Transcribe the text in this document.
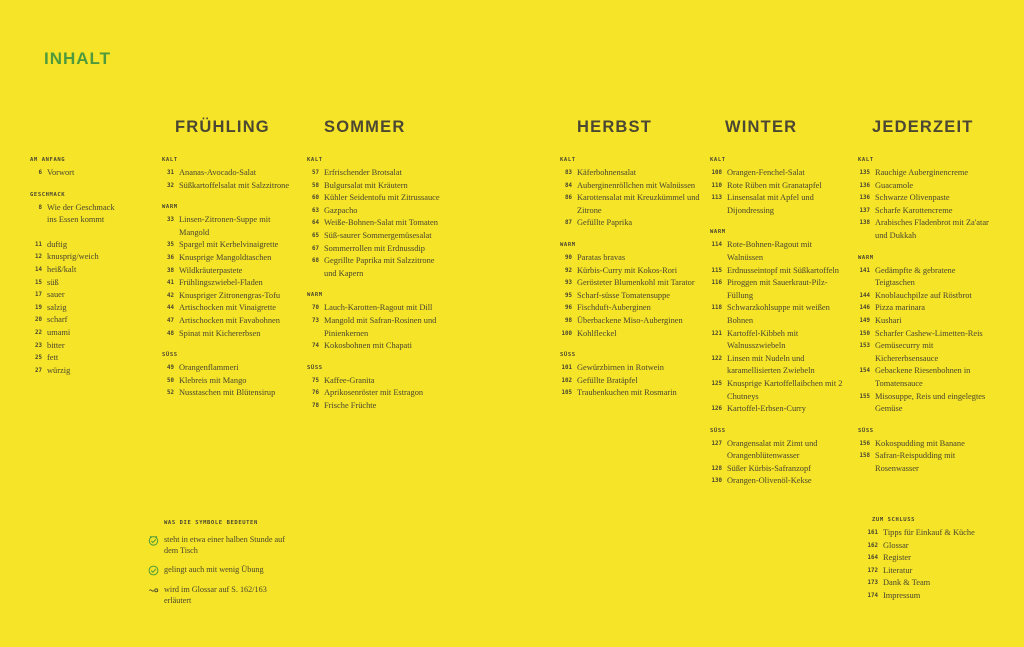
INHALT
AM ANFANG
6 Vorwort
GESCHMACK
8 Wie der Geschmack ins Essen kommt
11 duftig
12 knusprig/weich
14 heiß/kalt
15 süß
17 sauer
19 salzig
20 scharf
22 umami
23 bitter
25 fett
27 würzig
FRÜHLING
KALT
31 Ananas-Avocado-Salat
32 Süßkartoffelsalat mit Salzzitrone
WARM
33 Linsen-Zitronen-Suppe mit Mangold
35 Spargel mit Kerbelvinaigrette
36 Knusprige Mangoldtaschen
38 Wildkräuterpastete
41 Frühlingszwiebel-Fladen
42 Knuspriger Zitronengras-Tofu
44 Artischocken mit Vinaigrette
47 Artischocken mit Favabohnen
48 Spinat mit Kichererbsen
SÜSS
49 Orangenflammeri
50 Klebreis mit Mango
52 Nusstaschen mit Blütensirup
SOMMER
KALT
57 Erfrischender Brotsalat
58 Bulgursalat mit Kräutern
60 Kühler Seidentofu mit Zitrussauce
63 Gazpacho
64 Weiße-Bohnen-Salat mit Tomaten
65 Süß-saurer Sommergemüsesalat
67 Sommerrollen mit Erdnussdip
68 Gegrillte Paprika mit Salzzitrone und Kapern
WARM
70 Lauch-Karotten-Ragout mit Dill
73 Mangold mit Safran-Rosinen und Pinienkernen
74 Kokosbohnen mit Chapati
SÜSS
75 Kaffee-Granita
76 Aprikosenröster mit Estragon
78 Frische Früchte
HERBST
KALT
83 Käferbohnensalat
84 Auberginenröllchen mit Walnüssen
86 Karottensalat mit Kreuzkümmel und Zitrone
87 Gefüllte Paprika
WARM
90 Paratas bravas
92 Kürbis-Curry mit Kokos-Rori
93 Gerösteter Blumenkohl mit Tarator
95 Scharf-süsse Tomatensuppe
96 Fischduft-Auberginen
98 Überbackene Miso-Auberginen
100 Kohlfleckel
SÜSS
101 Gewürzbirnen in Rotwein
102 Gefüllte Bratäpfel
105 Traubenkuchen mit Rosmarin
WINTER
KALT
108 Orangen-Fenchel-Salat
110 Rote Rüben mit Granatapfel
113 Linsensalat mit Apfel und Dijondressing
WARM
114 Rote-Bohnen-Ragout mit Walnüssen
115 Erdnusseintopf mit Süßkartoffeln
116 Piroggen mit Sauerkraut-Pilz-Füllung
118 Schwarzkohlsuppe mit weißen Bohnen
121 Kartoffel-Kibbeh mit Walnusszwiebeln
122 Linsen mit Nudeln und karamellisierten Zwiebeln
125 Knusprige Kartoffellaibchen mit 2 Chutneys
126 Kartoffel-Erbsen-Curry
SÜSS
127 Orangensalat mit Zimt und Orangenblütenwasser
128 Süßer Kürbis-Safranzopf
130 Orangen-Olivenöl-Kekse
JEDERZEIT
KALT
135 Rauchige Auberginencreme
136 Guacamole
136 Schwarze Olivenpaste
137 Scharfe Karottencreme
138 Arabisches Fladenbrot mit Za'atar und Dukkah
WARM
141 Gedämpfte & gebratene Teigtaschen
144 Knoblauchpilze auf Röstbrot
146 Pizza marinara
149 Kushari
150 Scharfer Cashew-Limetten-Reis
153 Gemüsecurry mit Kichererbsensauce
154 Gebackene Riesenbohnen in Tomatensauce
155 Misosuppe, Reis und eingelegtes Gemüse
SÜSS
156 Kokospudding mit Banane
158 Safran-Reispudding mit Rosenwasser
WAS DIE SYMBOLE BEDEUTEN
steht in etwa einer halben Stunde auf dem Tisch
gelingt auch mit wenig Übung
wird im Glossar auf S. 162/163 erläutert
ZUM SCHLUSS
161 Tipps für Einkauf & Küche
162 Glossar
164 Register
172 Literatur
173 Dank & Team
174 Impressum
